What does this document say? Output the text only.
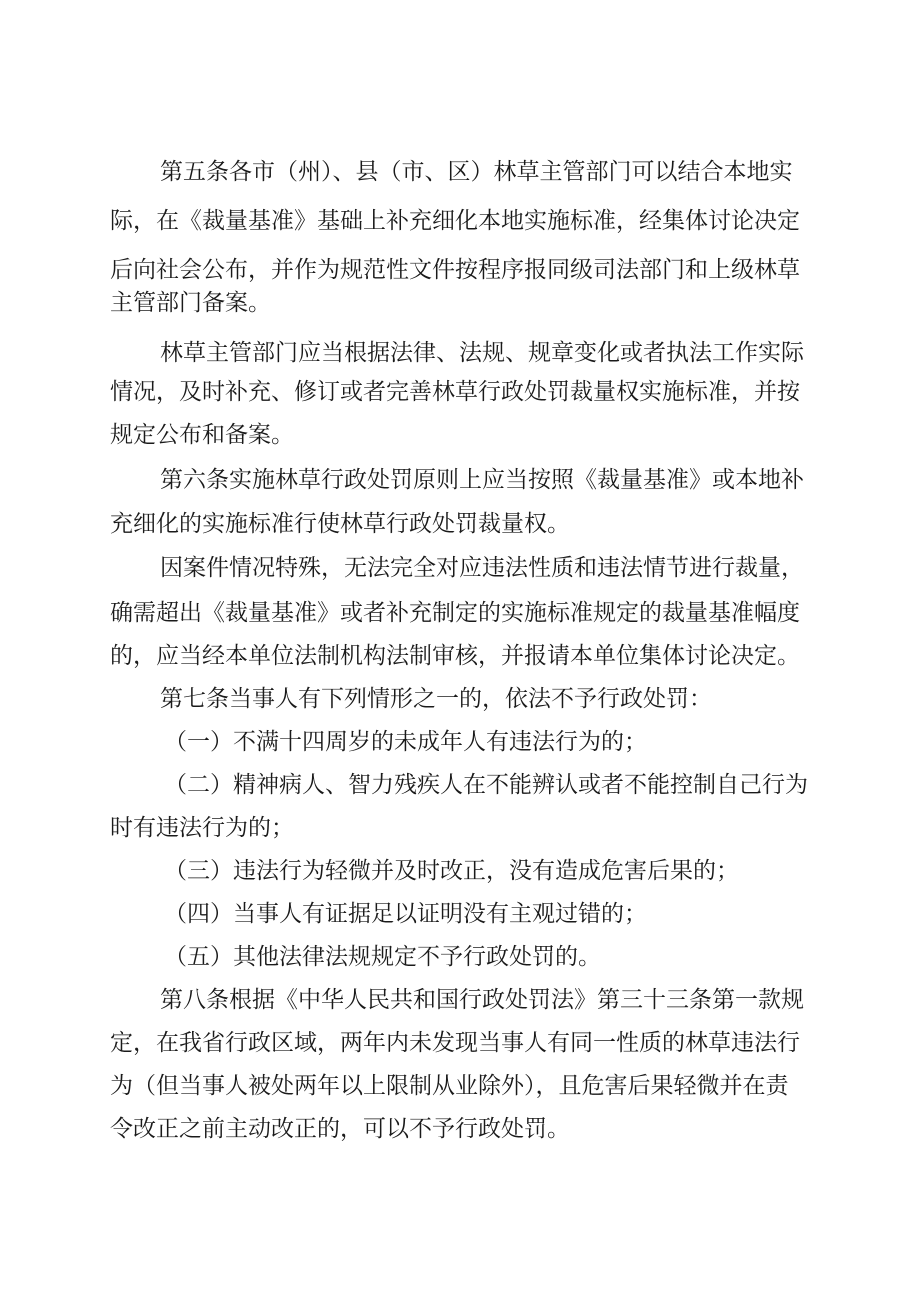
第五条各市（州）、县（市、区）林草主管部门可以结合本地实
际，在《裁量基准》基础上补充细化本地实施标准，经集体讨论决定
后向社会公布，并作为规范性文件按程序报同级司法部门和上级林草
主管部门备案。
林草主管部门应当根据法律、法规、规章变化或者执法工作实际
情况，及时补充、修订或者完善林草行政处罚裁量权实施标准，并按
规定公布和备案。
第六条实施林草行政处罚原则上应当按照《裁量基准》或本地补
充细化的实施标准行使林草行政处罚裁量权。
因案件情况特殊，无法完全对应违法性质和违法情节进行裁量，
确需超出《裁量基准》或者补充制定的实施标准规定的裁量基准幅度
的，应当经本单位法制机构法制审核，并报请本单位集体讨论决定。
第七条当事人有下列情形之一的，依法不予行政处罚：
（一）不满十四周岁的未成年人有违法行为的；
（二）精神病人、智力残疾人在不能辨认或者不能控制自己行为
时有违法行为的；
（三）违法行为轻微并及时改正，没有造成危害后果的；
（四）当事人有证据足以证明没有主观过错的；
（五）其他法律法规规定不予行政处罚的。
第八条根据《中华人民共和国行政处罚法》第三十三条第一款规
定，在我省行政区域，两年内未发现当事人有同一性质的林草违法行
为（但当事人被处两年以上限制从业除外），且危害后果轻微并在责
令改正之前主动改正的，可以不予行政处罚。
